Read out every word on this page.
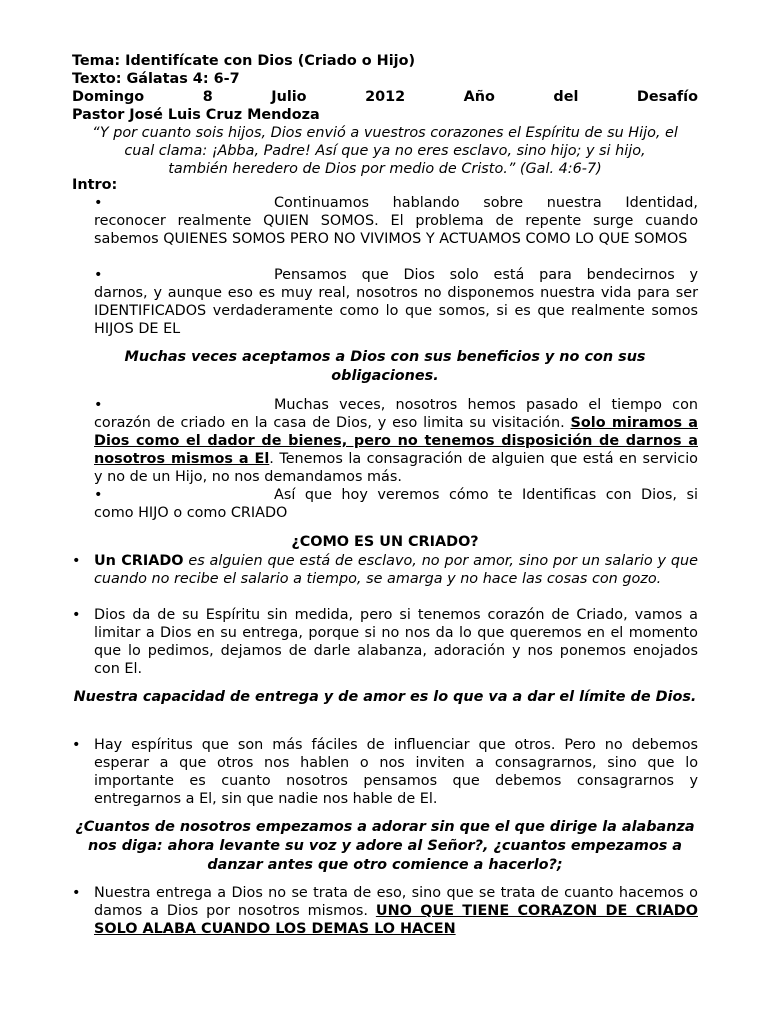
Tema: Identifícate con Dios (Criado o Hijo)
Texto: Gálatas 4: 6-7
Domingo	8	Julio	2012	Año	del	Desafío
Pastor José Luis Cruz Mendoza
“Y por cuanto sois hijos, Dios envió a vuestros corazones el Espíritu de su Hijo, el
cual clama: ¡Abba, Padre! Así que ya no eres esclavo, sino hijo; y si hijo,
también heredero de Dios por medio de Cristo.” (Gal. 4:6-7)
Intro:
•	Continuamos hablando sobre nuestra Identidad,
reconocer realmente QUIEN SOMOS. El problema de repente surge cuando sabemos QUIENES SOMOS PERO NO VIVIMOS Y ACTUAMOS COMO LO QUE SOMOS
•	Pensamos que Dios solo está para bendecirnos y
darnos, y aunque eso es muy real, nosotros no disponemos nuestra vida para ser IDENTIFICADOS verdaderamente como lo que somos, si es que realmente somos HIJOS DE EL
Muchas veces aceptamos a Dios con sus beneficios y no con sus obligaciones.
•	Muchas veces, nosotros hemos pasado el tiempo con
corazón de criado en la casa de Dios, y eso limita su visitación. Solo miramos a Dios como el dador de bienes, pero no tenemos disposición de darnos a nosotros mismos a El. Tenemos la consagración de alguien que está en servicio y no de un Hijo, no nos demandamos más.
•	Así que hoy veremos cómo te Identificas con Dios, si
como HIJO o como CRIADO
¿COMO ES UN CRIADO?
• Un CRIADO es alguien que está de esclavo, no por amor, sino por un salario y que cuando no recibe el salario a tiempo, se amarga y no hace las cosas con gozo.
• Dios da de su Espíritu sin medida, pero si tenemos corazón de Criado, vamos a limitar a Dios en su entrega, porque si no nos da lo que queremos en el momento que lo pedimos, dejamos de darle alabanza, adoración y nos ponemos enojados con El.
Nuestra capacidad de entrega y de amor es lo que va a dar el límite de Dios.
• Hay espíritus que son más fáciles de influenciar que otros. Pero no debemos esperar a que otros nos hablen o nos inviten a consagrarnos, sino que lo importante es cuanto nosotros pensamos que debemos consagrarnos y entregarnos a El, sin que nadie nos hable de El.
¿Cuantos de nosotros empezamos a adorar sin que el que dirige la alabanza nos diga: ahora levante su voz y adore al Señor?, ¿cuantos empezamos a danzar antes que otro comience a hacerlo?;
• Nuestra entrega a Dios no se trata de eso, sino que se trata de cuanto hacemos o damos a Dios por nosotros mismos. UNO QUE TIENE CORAZON DE CRIADO SOLO ALABA CUANDO LOS DEMAS LO HACEN
